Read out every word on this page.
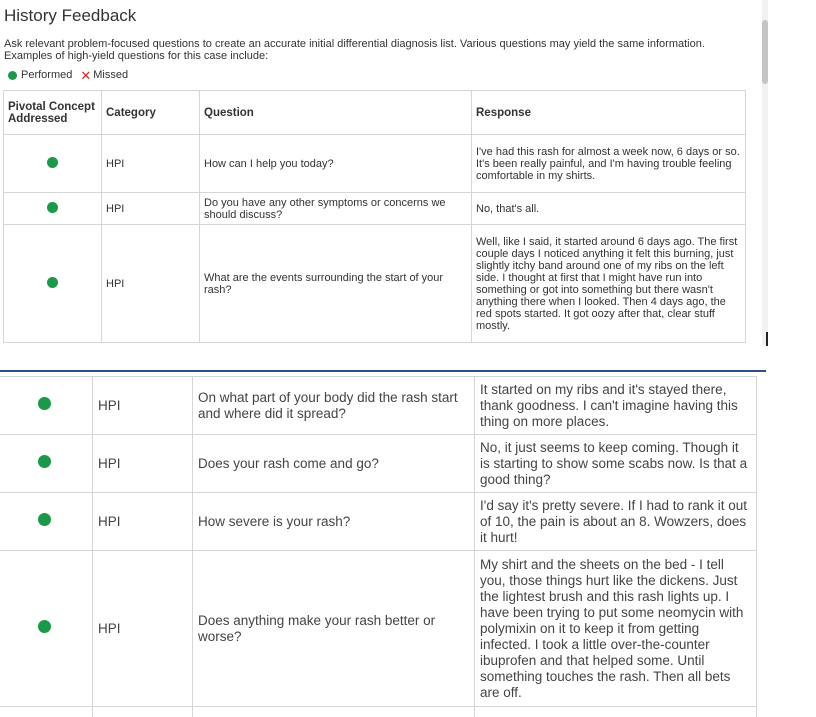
History Feedback
Ask relevant problem-focused questions to create an accurate initial differential diagnosis list. Various questions may yield the same information. Examples of high-yield questions for this case include:
Performed ✕ Missed
Pivotal Concept Addressed	Category	Question	Response
	HPI	How can I help you today?	I've had this rash for almost a week now, 6 days or so. It's been really painful, and I'm having trouble feeling comfortable in my shirts.
	HPI	Do you have any other symptoms or concerns we should discuss?	No, that's all.
	HPI	What are the events surrounding the start of your rash?	Well, like I said, it started around 6 days ago. The first couple days I noticed anything it felt this burning, just slightly itchy band around one of my ribs on the left side. I thought at first that I might have run into something or got into something but there wasn't anything there when I looked. Then 4 days ago, the red spots started. It got oozy after that, clear stuff mostly.
	HPI	On what part of your body did the rash start and where did it spread?	It started on my ribs and it's stayed there, thank goodness. I can't imagine having this thing on more places.
	HPI	Does your rash come and go?	No, it just seems to keep coming. Though it is starting to show some scabs now. Is that a good thing?
	HPI	How severe is your rash?	I'd say it's pretty severe. If I had to rank it out of 10, the pain is about an 8. Wowzers, does it hurt!
	HPI	Does anything make your rash better or worse?	My shirt and the sheets on the bed - I tell you, those things hurt like the dickens. Just the lightest brush and this rash lights up. I have been trying to put some neomycin with polymixin on it to keep it from getting infected. I took a little over-the-counter ibuprofen and that helped some. Until something touches the rash. Then all bets are off.
